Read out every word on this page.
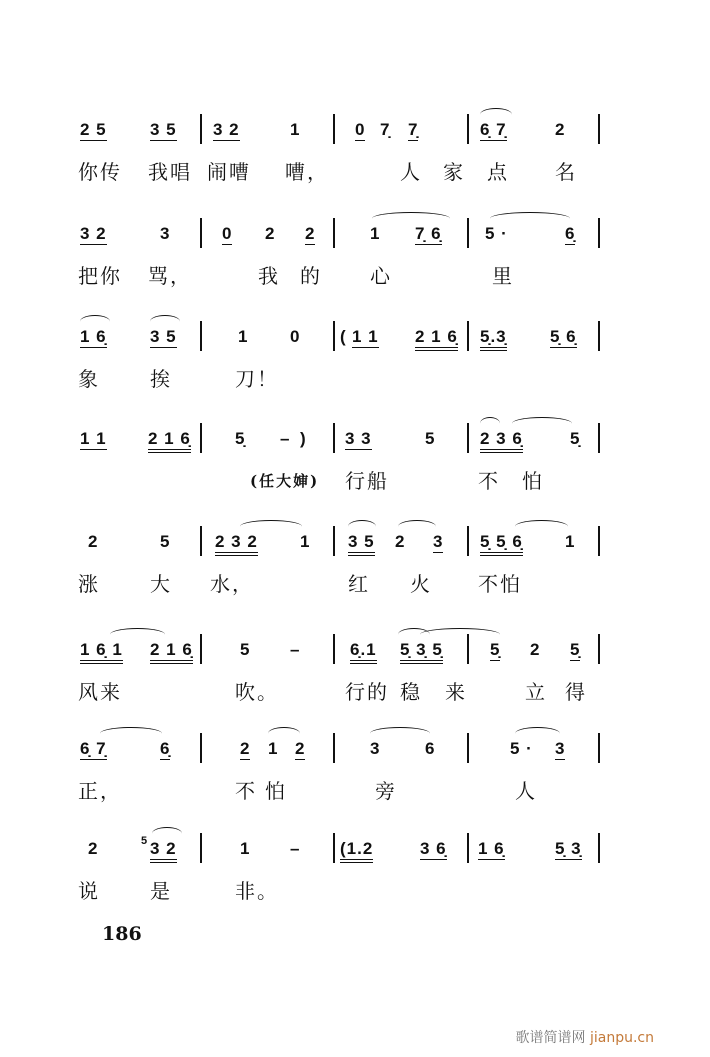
2 5	3 5 3 2	1	0 7̣ 7̣	6̣ 7̣	2
你传 我唱 闹嘈 嘈，	人 家 点 名
3 2	3	0 2 2	1 7̣ 6̣	5 ·	6̣
把你 骂，	我 的 心	里
1 6̣	3 5	1 0 ( 1 1 2 1 6̣ 5̣.3̣	5̣ 6̣
象	挨	刀！
1 1 2 1 6̣	5̣ – ) 3 3	5	2 3 6̣	5̣
(任大婶) 行船	不 怕
2	5	2 3 2 1 3 5 2 3 5̣ 5̣ 6̣ 1
涨	大 水，	红 火 不怕
1 6̣ 1 2 1 6̣	5 –	6̣.1 5̣ 3̣ 5̣	5̣ 2 5̣
风来	吹。	行的 稳 来	立 得
6̣ 7̣	6̣	2 1 2	3	6	5 · 3
正，	不 怕	旁	人
2	5 3 2	1 – (1.2	3 6̣ 1 6̣	5̣ 3̣
说	是	非。
186
歌谱简谱网 jianpu.cn
